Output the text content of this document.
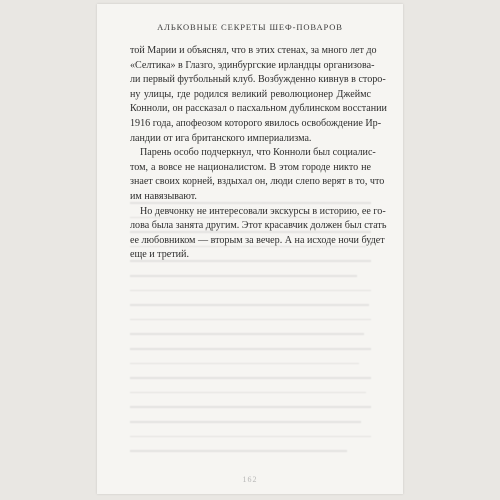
АЛЬКОВНЫЕ СЕКРЕТЫ ШЕФ-ПОВАРОВ

той Марии и объяснял, что в этих стенах, за много лет до
«Селтика» в Глазго, эдинбургские ирландцы организова-
ли первый футбольный клуб. Возбужденно кивнув в сторо-
ну улицы, где родился великий революционер Джеймс
Конноли, он рассказал о пасхальном дублинском восстании
1916 года, апофеозом которого явилось освобождение Ир-
ландии от ига британского империализма.

Парень особо подчеркнул, что Конноли был социалис-
том, а вовсе не националистом. В этом городе никто не
знает своих корней, вздыхал он, люди слепо верят в то, что
им навязывают.

Но девчонку не интересовали экскурсы в историю, ее го-
лова была занята другим. Этот красавчик должен был стать
ее любовником — вторым за вечер. А на исходе ночи будет
еще и третий.

162
